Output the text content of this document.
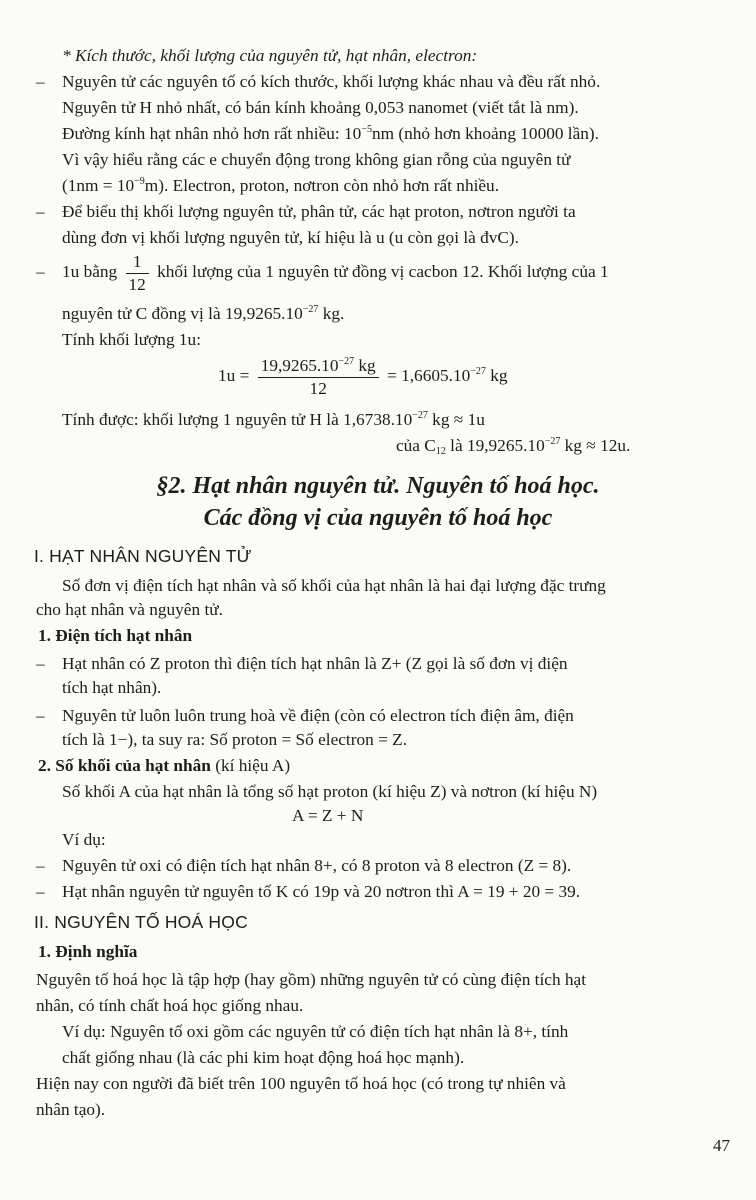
* Kích thước, khối lượng của nguyên tử, hạt nhân, electron:
– Nguyên tử các nguyên tố có kích thước, khối lượng khác nhau và đều rất nhỏ.
Nguyên tử H nhỏ nhất, có bán kính khoảng 0,053 nanomet (viết tắt là nm).
Đường kính hạt nhân nhỏ hơn rất nhiều: $10^{-5}nm$ (nhỏ hơn khoảng 10000 lần).
Vì vậy hiểu rằng các e chuyển động trong không gian rỗng của nguyên tử
$(1nm = 10^{-9}m)$. Electron, proton, nơtron còn nhỏ hơn rất nhiều.
– Để biểu thị khối lượng nguyên tử, phân tử, các hạt proton, nơtron người ta
dùng đơn vị khối lượng nguyên tử, kí hiệu là u (u còn gọi là đvC).
– 1u bằng $\frac{1}{12}$ khối lượng của 1 nguyên tử đồng vị cacbon 12. Khối lượng của 1
nguyên tử C đồng vị là $19,9265.10^{-27}$ kg.
Tính khối lượng 1u:
$1u = \frac{19,9265.10^{-27} kg}{12} = 1,6605.10^{-27}$ kg
Tính được: khối lượng 1 nguyên tử H là $1,6738.10^{-27}$ kg ≈ 1u
của $C_{12}$ là $19,9265.10^{-27}$ kg ≈ 12u.
§2. Hạt nhân nguyên tử. Nguyên tố hoá học.
Các đồng vị của nguyên tố hoá học
I. HẠT NHÂN NGUYÊN TỬ
Số đơn vị điện tích hạt nhân và số khối của hạt nhân là hai đại lượng đặc trưng
cho hạt nhân và nguyên tử.
1. Điện tích hạt nhân
– Hạt nhân có Z proton thì điện tích hạt nhân là Z+ (Z gọi là số đơn vị điện
tích hạt nhân).
– Nguyên tử luôn luôn trung hoà về điện (còn có electron tích điện âm, điện
tích là 1−), ta suy ra: Số proton = Số electron = Z.
2. Số khối của hạt nhân (kí hiệu A)
Số khối A của hạt nhân là tổng số hạt proton (kí hiệu Z) và nơtron (kí hiệu N)
A = Z + N
Ví dụ:
– Nguyên tử oxi có điện tích hạt nhân 8+, có 8 proton và 8 electron (Z = 8).
– Hạt nhân nguyên tử nguyên tố K có 19p và 20 nơtron thì A = 19 + 20 = 39.
II. NGUYÊN TỐ HOÁ HỌC
1. Định nghĩa
Nguyên tố hoá học là tập hợp (hay gồm) những nguyên tử có cùng điện tích hạt
nhân, có tính chất hoá học giống nhau.
Ví dụ: Nguyên tố oxi gồm các nguyên tử có điện tích hạt nhân là 8+, tính
chất giống nhau (là các phi kim hoạt động hoá học mạnh).
Hiện nay con người đã biết trên 100 nguyên tố hoá học (có trong tự nhiên và
nhân tạo).
47
